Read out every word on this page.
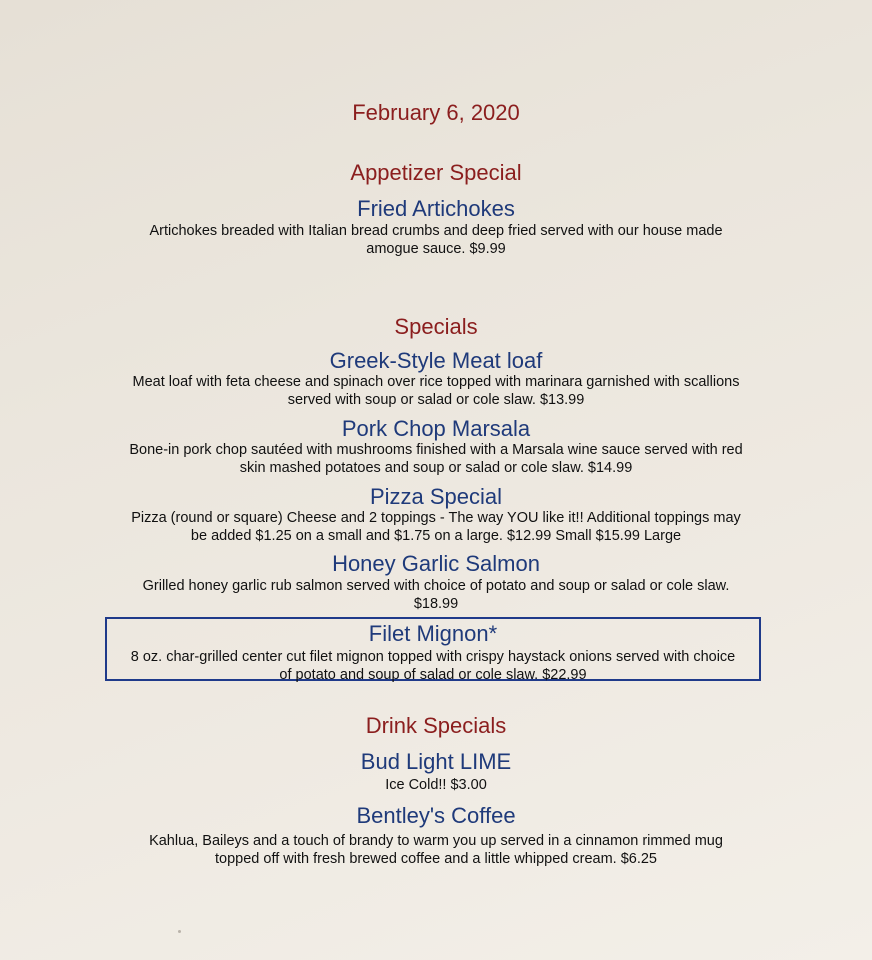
February 6, 2020
Appetizer Special
Fried Artichokes
Artichokes breaded with Italian bread crumbs and deep fried served with our house made
amogue sauce. $9.99
Specials
Greek-Style Meat loaf
Meat loaf with feta cheese and spinach over rice topped with marinara garnished with scallions
served with soup or salad or cole slaw. $13.99
Pork Chop Marsala
Bone-in pork chop sautéed with mushrooms finished with a Marsala wine sauce served with red
skin mashed potatoes and soup or salad or cole slaw. $14.99
Pizza Special
Pizza (round or square) Cheese and 2 toppings - The way YOU like it!! Additional toppings may
be added $1.25 on a small and $1.75 on a large. $12.99 Small $15.99 Large
Honey Garlic Salmon
Grilled honey garlic rub salmon served with choice of potato and soup or salad or cole slaw.
$18.99
Filet Mignon*
8 oz. char-grilled center cut filet mignon topped with crispy haystack onions served with choice
of potato and soup of salad or cole slaw. $22.99
Drink Specials
Bud Light LIME
Ice Cold!! $3.00
Bentley's Coffee
Kahlua, Baileys and a touch of brandy to warm you up served in a cinnamon rimmed mug
topped off with fresh brewed coffee and a little whipped cream. $6.25
